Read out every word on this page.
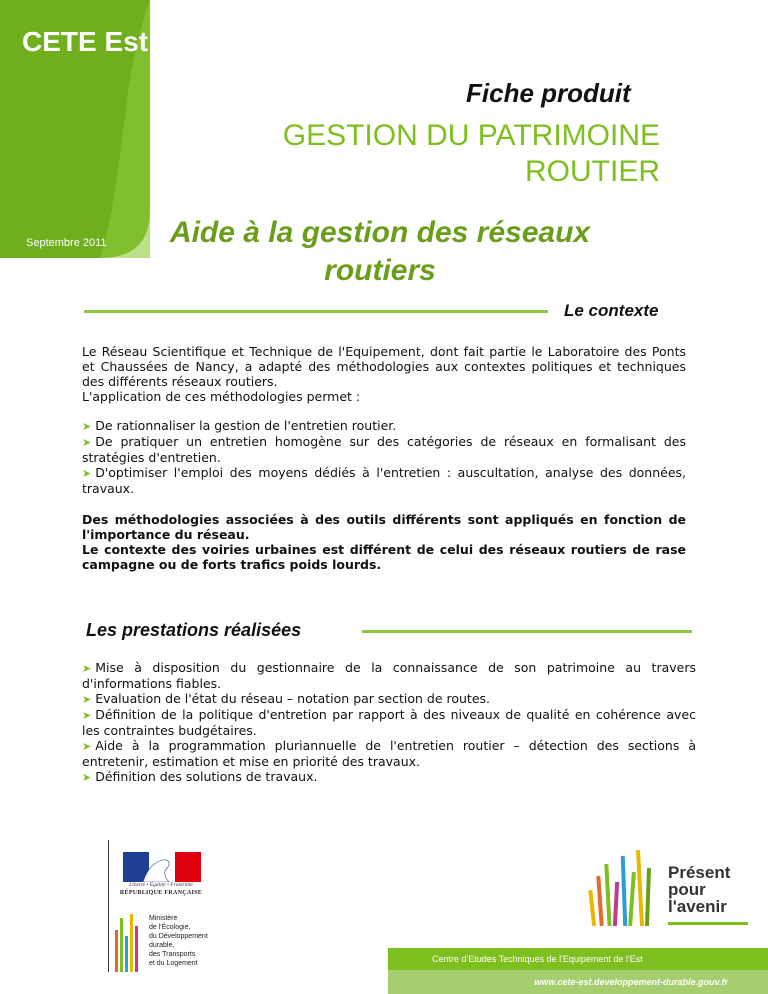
CETE Est
Septembre 2011
Fiche produit
GESTION DU PATRIMOINE ROUTIER
Aide à la gestion des réseaux routiers
Le contexte
Le Réseau Scientifique et Technique de l'Equipement, dont fait partie le Laboratoire des Ponts et Chaussées de Nancy, a adapté des méthodologies aux contextes politiques et techniques des différents réseaux routiers.
L'application de ces méthodologies permet :

➤ De rationnaliser la gestion de l'entretien routier.

➤ De pratiquer un entretien homogène sur des catégories de réseaux en formalisant des stratégies d'entretien.

➤ D'optimiser l'emploi des moyens dédiés à l'entretien : auscultation, analyse des données, travaux.

Des méthodologies associées à des outils différents sont appliqués en fonction de l'importance du réseau.
Le contexte des voiries urbaines est différent de celui des réseaux routiers de rase campagne ou de forts trafics poids lourds.
Les prestations réalisées

➤ Mise à disposition du gestionnaire de la connaissance de son patrimoine au travers d'informations fiables.

➤ Evaluation de l'état du réseau – notation par section de routes.

➤ Définition de la politique d'entretion par rapport à des niveaux de qualité en cohérence avec les contraintes budgétaires.

➤ Aide à la programmation pluriannuelle de l'entretien routier – détection des sections à entretenir, estimation et mise en priorité des travaux.

➤ Définition des solutions de travaux.

Liberté • Égalité • Fraternité
RÉPUBLIQUE FRANÇAISE
Ministère
de l'Écologie,
du Développement
durable,
des Transports
et du Logement
Présent
pour
l'avenir
Centre d'Etudes Techniques de l'Equipement de l'Est
www.cete-est.developpement-durable.gouv.fr
